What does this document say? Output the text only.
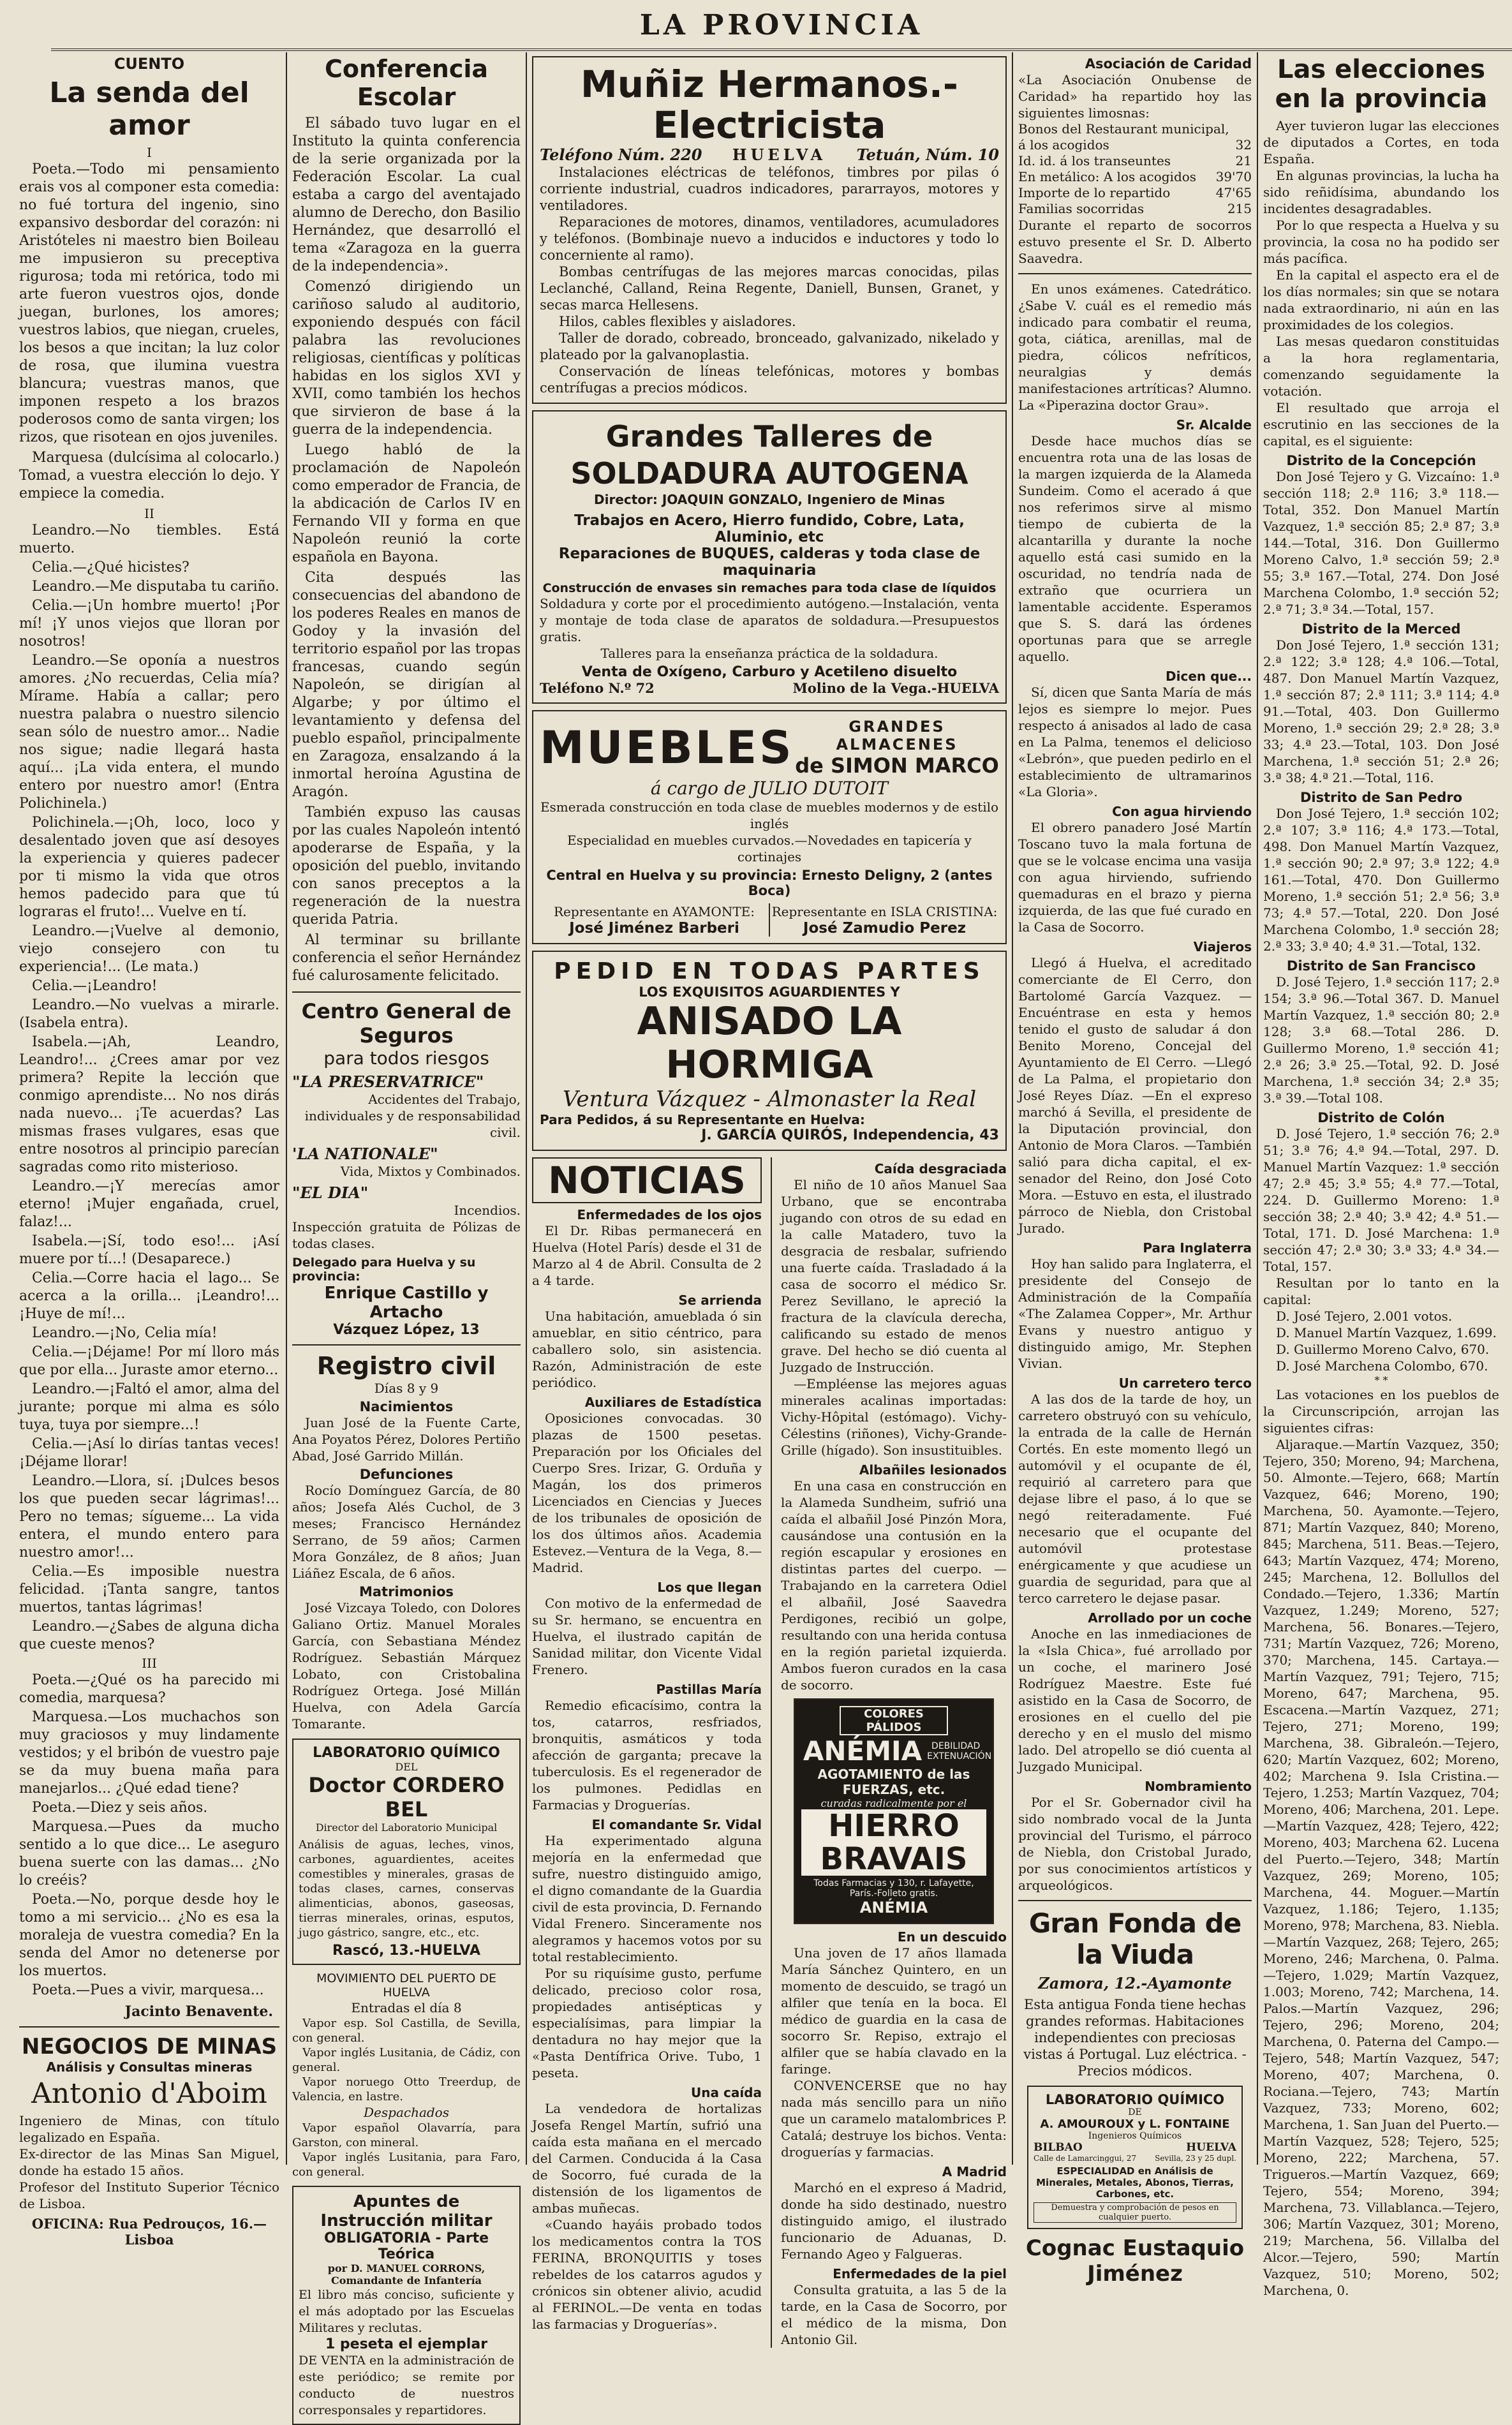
LA PROVINCIA
CUENTO
La senda del amor
I

Poeta.—Todo mi pensamiento erais vos al componer esta comedia: no fué tortura del ingenio, sino expansivo desbordar del corazón: ni Aristóteles ni maestro bien Boileau me impusieron su preceptiva rigurosa; toda mi retórica, todo mi arte fueron vuestros ojos, donde juegan, burlones, los amores; vuestros labios, que niegan, crueles, los besos a que incitan; la luz color de rosa, que ilumina vuestra blancura; vuestras manos, que imponen respeto a los brazos poderosos como de santa virgen; los rizos, que risotean en ojos juveniles.

Marquesa (dulcísima al colocarlo.) Tomad, a vuestra elección lo dejo. Y empiece la comedia.

II

Leandro.—No tiembles. Está muerto.

Celia.—¿Qué hicistes?

Leandro.—Me disputaba tu cariño.

Celia.—¡Un hombre muerto! ¡Por mí! ¡Y unos viejos que lloran por nosotros!

Leandro.—Se oponía a nuestros amores. ¿No recuerdas, Celia mía? Mírame. Había a callar; pero nuestra palabra o nuestro silencio sean sólo de nuestro amor... Nadie nos sigue; nadie llegará hasta aquí... ¡La vida entera, el mundo entero por nuestro amor! (Entra Polichinela.)

Polichinela.—¡Oh, loco, loco y desalentado joven que así desoyes la experiencia y quieres padecer por ti mismo la vida que otros hemos padecido para que tú lograras el fruto!... Vuelve en tí.

Leandro.—¡Vuelve al demonio, viejo consejero con tu experiencia!... (Le mata.)

Celia.—¡Leandro!

Leandro.—No vuelvas a mirarle. (Isabela entra).

Isabela.—¡Ah, Leandro, Leandro!... ¿Crees amar por vez primera? Repite la lección que conmigo aprendiste... No nos dirás nada nuevo... ¡Te acuerdas? Las mismas frases vulgares, esas que entre nosotros al principio parecían sagradas como rito misterioso.

Leandro.—¡Y merecías amor eterno! ¡Mujer engañada, cruel, falaz!...

Isabela.—¡Sí, todo eso!... ¡Así muere por tí...! (Desaparece.)

Celia.—Corre hacia el lago... Se acerca a la orilla... ¡Leandro!... ¡Huye de mí!...

Leandro.—¡No, Celia mía!

Celia.—¡Déjame! Por mí lloro más que por ella... Juraste amor eterno...

Leandro.—¡Faltó el amor, alma del jurante; porque mi alma es sólo tuya, tuya por siempre...!

Celia.—¡Así lo dirías tantas veces! ¡Déjame llorar!

Leandro.—Llora, sí. ¡Dulces besos los que pueden secar lágrimas!... Pero no temas; sígueme... La vida entera, el mundo entero para nuestro amor!...

Celia.—Es imposible nuestra felicidad. ¡Tanta sangre, tantos muertos, tantas lágrimas!

Leandro.—¿Sabes de alguna dicha que cueste menos?

III

Poeta.—¿Qué os ha parecido mi comedia, marquesa?

Marquesa.—Los muchachos son muy graciosos y muy lindamente vestidos; y el bribón de vuestro paje se da muy buena maña para manejarlos... ¿Qué edad tiene?

Poeta.—Diez y seis años.

Marquesa.—Pues da mucho sentido a lo que dice... Le aseguro buena suerte con las damas... ¿No lo creéis?

Poeta.—No, porque desde hoy le tomo a mi servicio... ¿No es esa la moraleja de vuestra comedia? En la senda del Amor no detenerse por los muertos.

Poeta.—Pues a vivir, marquesa...

Jacinto Benavente.
NEGOCIOS DE MINAS
Análisis y Consultas mineras
Antonio d'Aboim

Ingeniero de Minas, con título legalizado en España.

Ex-director de las Minas San Miguel, donde ha estado 15 años.

Profesor del Instituto Superior Técnico de Lisboa.

OFICINA: Rua Pedrouços, 16.—Lisboa
Conferencia Escolar

El sábado tuvo lugar en el Instituto la quinta conferencia de la serie organizada por la Federación Escolar. La cual estaba a cargo del aventajado alumno de Derecho, don Basilio Hernández, que desarrolló el tema «Zaragoza en la guerra de la independencia».

Comenzó dirigiendo un cariñoso saludo al auditorio, exponiendo después con fácil palabra las revoluciones religiosas, científicas y políticas habidas en los siglos XVI y XVII, como también los hechos que sirvieron de base á la guerra de la independencia.

Luego habló de la proclamación de Napoleón como emperador de Francia, de la abdicación de Carlos IV en Fernando VII y forma en que Napoleón reunió la corte española en Bayona.

Cita después las consecuencias del abandono de los poderes Reales en manos de Godoy y la invasión del territorio español por las tropas francesas, cuando según Napoleón, se dirigían al Algarbe; y por último el levantamiento y defensa del pueblo español, principalmente en Zaragoza, ensalzando á la inmortal heroína Agustina de Aragón.

También expuso las causas por las cuales Napoleón intentó apoderarse de España, y la oposición del pueblo, invitando con sanos preceptos a la regeneración de la nuestra querida Patria.

Al terminar su brillante conferencia el señor Hernández fué calurosamente felicitado.

Centro General de Seguros
para todos riesgos
"LA PRESERVATRICE"

Accidentes del Trabajo, individuales y de responsabilidad civil.

'LA NATIONALE"

Vida, Mixtos y Combinados.

"EL DIA"

Incendios.

Inspección gratuita de Pólizas de todas clases.

Delegado para Huelva y su provincia:
Enrique Castillo y Artacho
Vázquez López, 13
Registro civil
Días 8 y 9
Nacimientos

Juan José de la Fuente Carte, Ana Poyatos Pérez, Dolores Pertiño Abad, José Garrido Millán.

Defunciones

Rocío Domínguez García, de 80 años; Josefa Alés Cuchol, de 3 meses; Francisco Hernández Serrano, de 59 años; Carmen Mora González, de 8 años; Juan Liáñez Escala, de 6 años.

Matrimonios

José Vizcaya Toledo, con Dolores Galiano Ortiz. Manuel Morales García, con Sebastiana Méndez Rodríguez. Sebastián Márquez Lobato, con Cristobalina Rodríguez Ortega. José Millán Huelva, con Adela García Tomarante.

LABORATORIO QUÍMICO
DEL
Doctor CORDERO BEL
Director del Laboratorio Municipal

Análisis de aguas, leches, vinos, carbones, aguardientes, aceites comestibles y minerales, grasas de todas clases, carnes, conservas alimenticias, abonos, gaseosas, tierras minerales, orinas, esputos, jugo gástrico, sangre, etc., etc.

Rascó, 13.-HUELVA
MOVIMIENTO DEL PUERTO DE HUELVA
Entradas el día 8

Vapor esp. Sol Castilla, de Sevilla, con general.

Vapor inglés Lusitania, de Cádiz, con general.

Vapor noruego Otto Treerdup, de Valencia, en lastre.

Despachados

Vapor español Olavarría, para Garston, con mineral.

Vapor inglés Lusitania, para Faro, con general.

Apuntes de Instrucción militar
OBLIGATORIA - Parte Teórica
por D. MANUEL CORRONS, Comandante de Infantería

El libro más conciso, suficiente y el más adoptado por las Escuelas Militares y reclutas.

1 peseta el ejemplar

DE VENTA en la administración de este periódico; se remite por conducto de nuestros corresponsales y repartidores.

Muñiz Hermanos.-Electricista
Teléfono Núm. 220 HUELVA Tetuán, Núm. 10

Instalaciones eléctricas de teléfonos, timbres por pilas ó corriente industrial, cuadros indicadores, pararrayos, motores y ventiladores.

Reparaciones de motores, dinamos, ventiladores, acumuladores y teléfonos. (Bombinaje nuevo a inducidos e inductores y todo lo concerniente al ramo).

Bombas centrífugas de las mejores marcas conocidas, pilas Leclanché, Calland, Reina Regente, Daniell, Bunsen, Granet, y secas marca Hellesens.

Hilos, cables flexibles y aisladores.

Taller de dorado, cobreado, bronceado, galvanizado, nikelado y plateado por la galvanoplastia.

Conservación de líneas telefónicas, motores y bombas centrífugas a precios módicos.

Grandes Talleres de SOLDADURA AUTOGENA
Director: JOAQUIN GONZALO, Ingeniero de Minas
Trabajos en Acero, Hierro fundido, Cobre, Lata, Aluminio, etc
Reparaciones de BUQUES, calderas y toda clase de maquinaria
Construcción de envases sin remaches para toda clase de líquidos

Soldadura y corte por el procedimiento autógeno.—Instalación, venta y montaje de toda clase de aparatos de soldadura.—Presupuestos gratis.

Talleres para la enseñanza práctica de la soldadura.
Venta de Oxígeno, Carburo y Acetileno disuelto
Teléfono N.º 72	Molino de la Vega.-HUELVA
MUEBLES	GRANDES ALMACENES
de SIMON MARCO
á cargo de JULIO DUTOIT
Esmerada construcción en toda clase de muebles modernos y de estilo inglés
Especialidad en muebles curvados.—Novedades en tapicería y cortinajes
Central en Huelva y su provincia: Ernesto Deligny, 2 (antes Boca)
Representante en AYAMONTE:
José Jiménez Barberi
Representante en ISLA CRISTINA:
José Zamudio Perez
PEDID EN TODAS PARTES
LOS EXQUISITOS AGUARDIENTES Y
ANISADO LA HORMIGA
Ventura Vázquez - Almonaster la Real
Para Pedidos, á su Representante en Huelva:
J. GARCÍA QUIRÓS, Independencia, 43
NOTICIAS
Enfermedades de los ojos

El Dr. Ribas permanecerá en Huelva (Hotel París) desde el 31 de Marzo al 4 de Abril. Consulta de 2 a 4 tarde.

Se arrienda

Una habitación, amueblada ó sin amueblar, en sitio céntrico, para caballero solo, sin asistencia. Razón, Administración de este periódico.

Auxiliares de Estadística

Oposiciones convocadas. 30 plazas de 1500 pesetas. Preparación por los Oficiales del Cuerpo Sres. Irizar, G. Orduña y Magán, los dos primeros Licenciados en Ciencias y Jueces de los tribunales de oposición de los dos últimos años. Academia Estevez.—Ventura de la Vega, 8.—Madrid.

Los que llegan

Con motivo de la enfermedad de su Sr. hermano, se encuentra en Huelva, el ilustrado capitán de Sanidad militar, don Vicente Vidal Frenero.

Pastillas María

Remedio eficacísimo, contra la tos, catarros, resfriados, bronquitis, asmáticos y toda afección de garganta; precave la tuberculosis. Es el regenerador de los pulmones. Pedidlas en Farmacias y Droguerías.

El comandante Sr. Vidal

Ha experimentado alguna mejoría en la enfermedad que sufre, nuestro distinguido amigo, el digno comandante de la Guardia civil de esta provincia, D. Fernando Vidal Frenero. Sinceramente nos alegramos y hacemos votos por su total restablecimiento.

Por su riquísime gusto, perfume delicado, precioso color rosa, propiedades antisépticas y especialísimas, para limpiar la dentadura no hay mejor que la «Pasta Dentífrica Orive. Tubo, 1 peseta.

Una caída

La vendedora de hortalizas Josefa Rengel Martín, sufrió una caída esta mañana en el mercado del Carmen. Conducida á la Casa de Socorro, fué curada de la distensión de los ligamentos de ambas muñecas.

«Cuando hayáis probado todos los medicamentos contra la TOS FERINA, BRONQUITIS y toses rebeldes de los catarros agudos y crónicos sin obtener alivio, acudid al FERINOL.—De venta en todas las farmacias y Droguerías».

Caída desgraciada

El niño de 10 años Manuel Saa Urbano, que se encontraba jugando con otros de su edad en la calle Matadero, tuvo la desgracia de resbalar, sufriendo una fuerte caída. Trasladado á la casa de socorro el médico Sr. Perez Sevillano, le apreció la fractura de la clavícula derecha, calificando su estado de menos grave. Del hecho se dió cuenta al Juzgado de Instrucción.

—Empléense las mejores aguas minerales acalinas importadas: Vichy-Hôpital (estómago). Vichy-Célestins (riñones), Vichy-Grande-Grille (hígado). Son insustituibles.

Albañiles lesionados

En una casa en construcción en la Alameda Sundheim, sufrió una caída el albañil José Pinzón Mora, causándose una contusión en la región escapular y erosiones en distintas partes del cuerpo. —Trabajando en la carretera Odiel el albañil, José Saavedra Perdigones, recibió un golpe, resultando con una herida contusa en la región parietal izquierda. Ambos fueron curados en la casa de socorro.

COLORES PÁLIDOS
ANÉMIA	DEBILIDAD EXTENUACIÓN
AGOTAMIENTO de las FUERZAS, etc.
curadas radicalmente por el
HIERRO BRAVAIS
Todas Farmacias y 130, r. Lafayette, París.-Folleto gratis.
ANÉMIA
En un descuido

Una joven de 17 años llamada María Sánchez Quintero, en un momento de descuido, se tragó un alfiler que tenía en la boca. El médico de guardia en la casa de socorro Sr. Repiso, extrajo el alfiler que se había clavado en la faringe.

CONVENCERSE que no hay nada más sencillo para un niño que un caramelo matalombrices P. Catalá; destruye los bichos. Venta: droguerías y farmacias.

A Madrid

Marchó en el expreso á Madrid, donde ha sido destinado, nuestro distinguido amigo, el ilustrado funcionario de Aduanas, D. Fernando Ageo y Falgueras.

Enfermedades de la piel

Consulta gratuita, a las 5 de la tarde, en la Casa de Socorro, por el médico de la misma, Don Antonio Gil.

Asociación de Caridad

«La Asociación Onubense de Caridad» ha repartido hoy las siguientes limosnas:

Bonos del Restaurant municipal,
á los acogidos	32
Id. id. á los transeuntes	21
En metálico: A los acogidos 39'70
Importe de lo repartido	47'65
Familias socorridas	215

Durante el reparto de socorros estuvo presente el Sr. D. Alberto Saavedra.

En unos exámenes. Catedrático. ¿Sabe V. cuál es el remedio más indicado para combatir el reuma, gota, ciática, arenillas, mal de piedra, cólicos nefríticos, neuralgias y demás manifestaciones artríticas? Alumno. La «Piperazina doctor Grau».

Sr. Alcalde

Desde hace muchos días se encuentra rota una de las losas de la margen izquierda de la Alameda Sundeim. Como el acerado á que nos referimos sirve al mismo tiempo de cubierta de la alcantarilla y durante la noche aquello está casi sumido en la oscuridad, no tendría nada de extraño que ocurriera un lamentable accidente. Esperamos que S. S. dará las órdenes oportunas para que se arregle aquello.

Dicen que...

Sí, dicen que Santa María de más lejos es siempre lo mejor. Pues respecto á anisados al lado de casa en La Palma, tenemos el delicioso «Lebrón», que pueden pedirlo en el establecimiento de ultramarinos «La Gloria».

Con agua hirviendo

El obrero panadero José Martín Toscano tuvo la mala fortuna de que se le volcase encima una vasija con agua hirviendo, sufriendo quemaduras en el brazo y pierna izquierda, de las que fué curado en la Casa de Socorro.

Viajeros

Llegó á Huelva, el acreditado comerciante de El Cerro, don Bartolomé García Vazquez. —Encuéntrase en esta y hemos tenido el gusto de saludar á don Benito Moreno, Concejal del Ayuntamiento de El Cerro. —Llegó de La Palma, el propietario don José Reyes Díaz. —En el expreso marchó á Sevilla, el presidente de la Diputación provincial, don Antonio de Mora Claros. —También salió para dicha capital, el ex-senador del Reino, don José Coto Mora. —Estuvo en esta, el ilustrado párroco de Niebla, don Cristobal Jurado.

Para Inglaterra

Hoy han salido para Inglaterra, el presidente del Consejo de Administración de la Compañía «The Zalamea Copper», Mr. Arthur Evans y nuestro antiguo y distinguido amigo, Mr. Stephen Vivian.

Un carretero terco

A las dos de la tarde de hoy, un carretero obstruyó con su vehículo, la entrada de la calle de Hernán Cortés. En este momento llegó un automóvil y el ocupante de él, requirió al carretero para que dejase libre el paso, á lo que se negó reiteradamente. Fué necesario que el ocupante del automóvil protestase enérgicamente y que acudiese un guardia de seguridad, para que al terco carretero le dejase pasar.

Arrollado por un coche

Anoche en las inmediaciones de la «Isla Chica», fué arrollado por un coche, el marinero José Rodríguez Maestre. Este fué asistido en la Casa de Socorro, de erosiones en el cuello del pie derecho y en el muslo del mismo lado. Del atropello se dió cuenta al Juzgado Municipal.

Nombramiento

Por el Sr. Gobernador civil ha sido nombrado vocal de la Junta provincial del Turismo, el párroco de Niebla, don Cristobal Jurado, por sus conocimientos artísticos y arqueológicos.

Gran Fonda de la Viuda
Zamora, 12.-Ayamonte

Esta antigua Fonda tiene hechas grandes reformas. Habitaciones independientes con preciosas vistas á Portugal. Luz eléctrica. - Precios módicos.

LABORATORIO QUÍMICO
DE
A. AMOUROUX y L. FONTAINE
Ingenieros Químicos
BILBAO	HUELVA
Calle de Lamarcinggui, 27 Sevilla, 23 y 25 dupl.
ESPECIALIDAD en Análisis de Minerales, Metales, Abonos, Tierras, Carbones, etc.
Demuestra y comprobación de pesos en cualquier puerto.
Cognac Eustaquio Jiménez
Las elecciones en la provincia

Ayer tuvieron lugar las elecciones de diputados a Cortes, en toda España.

En algunas provincias, la lucha ha sido reñidísima, abundando los incidentes desagradables.

Por lo que respecta a Huelva y su provincia, la cosa no ha podido ser más pacífica.

En la capital el aspecto era el de los días normales; sin que se notara nada extraordinario, ni aún en las proximidades de los colegios.

Las mesas quedaron constituidas a la hora reglamentaria, comenzando seguidamente la votación.

El resultado que arroja el escrutinio en las secciones de la capital, es el siguiente:

Distrito de la Concepción

Don José Tejero y G. Vizcaíno: 1.ª sección 118; 2.ª 116; 3.ª 118.—Total, 352. Don Manuel Martín Vazquez, 1.ª sección 85; 2.ª 87; 3.ª 144.—Total, 316. Don Guillermo Moreno Calvo, 1.ª sección 59; 2.ª 55; 3.ª 167.—Total, 274. Don José Marchena Colombo, 1.ª sección 52; 2.ª 71; 3.ª 34.—Total, 157.

Distrito de la Merced

Don José Tejero, 1.ª sección 131; 2.ª 122; 3.ª 128; 4.ª 106.—Total, 487. Don Manuel Martín Vazquez, 1.ª sección 87; 2.ª 111; 3.ª 114; 4.ª 91.—Total, 403. Don Guillermo Moreno, 1.ª sección 29; 2.ª 28; 3.ª 33; 4.ª 23.—Total, 103. Don José Marchena, 1.ª sección 51; 2.ª 26; 3.ª 38; 4.ª 21.—Total, 116.

Distrito de San Pedro

Don José Tejero, 1.ª sección 102; 2.ª 107; 3.ª 116; 4.ª 173.—Total, 498. Don Manuel Martín Vazquez, 1.ª sección 90; 2.ª 97; 3.ª 122; 4.ª 161.—Total, 470. Don Guillermo Moreno, 1.ª sección 51; 2.ª 56; 3.ª 73; 4.ª 57.—Total, 220. Don José Marchena Colombo, 1.ª sección 28; 2.ª 33; 3.ª 40; 4.ª 31.—Total, 132.

Distrito de San Francisco

D. José Tejero, 1.ª sección 117; 2.ª 154; 3.ª 96.—Total 367. D. Manuel Martín Vazquez, 1.ª sección 80; 2.ª 128; 3.ª 68.—Total 286. D. Guillermo Moreno, 1.ª sección 41; 2.ª 26; 3.ª 25.—Total, 92. D. José Marchena, 1.ª sección 34; 2.ª 35; 3.ª 39.—Total 108.

Distrito de Colón

D. José Tejero, 1.ª sección 76; 2.ª 51; 3.ª 76; 4.ª 94.—Total, 297. D. Manuel Martín Vazquez: 1.ª sección 47; 2.ª 45; 3.ª 55; 4.ª 77.—Total, 224. D. Guillermo Moreno: 1.ª sección 38; 2.ª 40; 3.ª 42; 4.ª 51.—Total, 171. D. José Marchena: 1.ª sección 47; 2.ª 30; 3.ª 33; 4.ª 34.—Total, 157.

Resultan por lo tanto en la capital:

D. José Tejero, 2.001 votos.

D. Manuel Martín Vazquez, 1.699.

D. Guillermo Moreno Calvo, 670.

D. José Marchena Colombo, 670.

* *

Las votaciones en los pueblos de la Circunscripción, arrojan las siguientes cifras:

Aljaraque.—Martín Vazquez, 350; Tejero, 350; Moreno, 94; Marchena, 50. Almonte.—Tejero, 668; Martín Vazquez, 646; Moreno, 190; Marchena, 50. Ayamonte.—Tejero, 871; Martín Vazquez, 840; Moreno, 845; Marchena, 511. Beas.—Tejero, 643; Martín Vazquez, 474; Moreno, 245; Marchena, 12. Bollullos del Condado.—Tejero, 1.336; Martín Vazquez, 1.249; Moreno, 527; Marchena, 56. Bonares.—Tejero, 731; Martín Vazquez, 726; Moreno, 370; Marchena, 145. Cartaya.—Martín Vazquez, 791; Tejero, 715; Moreno, 647; Marchena, 95. Escacena.—Martín Vazquez, 271; Tejero, 271; Moreno, 199; Marchena, 38. Gibraleón.—Tejero, 620; Martín Vazquez, 602; Moreno, 402; Marchena 9. Isla Cristina.—Tejero, 1.253; Martín Vazquez, 704; Moreno, 406; Marchena, 201. Lepe.—Martín Vazquez, 428; Tejero, 422; Moreno, 403; Marchena 62. Lucena del Puerto.—Tejero, 348; Martín Vazquez, 269; Moreno, 105; Marchena, 44. Moguer.—Martín Vazquez, 1.186; Tejero, 1.135; Moreno, 978; Marchena, 83. Niebla.—Martín Vazquez, 268; Tejero, 265; Moreno, 246; Marchena, 0. Palma.—Tejero, 1.029; Martín Vazquez, 1.003; Moreno, 742; Marchena, 14. Palos.—Martín Vazquez, 296; Tejero, 296; Moreno, 204; Marchena, 0. Paterna del Campo.—Tejero, 548; Martín Vazquez, 547; Moreno, 407; Marchena, 0. Rociana.—Tejero, 743; Martín Vazquez, 733; Moreno, 602; Marchena, 1. San Juan del Puerto.—Martín Vazquez, 528; Tejero, 525; Moreno, 222; Marchena, 57. Trigueros.—Martín Vazquez, 669; Tejero, 554; Moreno, 394; Marchena, 73. Villablanca.—Tejero, 306; Martín Vazquez, 301; Moreno, 219; Marchena, 56. Villalba del Alcor.—Tejero, 590; Martín Vazquez, 510; Moreno, 502; Marchena, 0.
